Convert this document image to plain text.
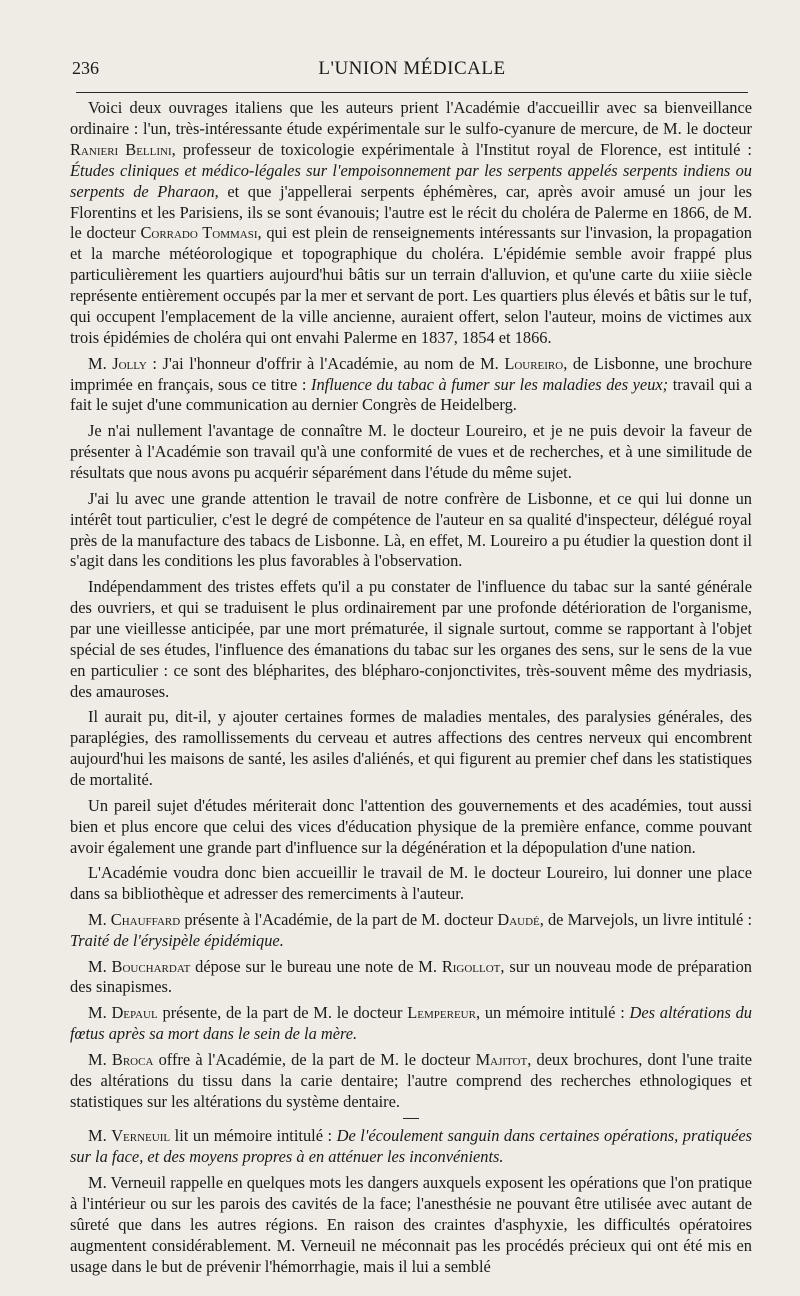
236	L'UNION MÉDICALE

Voici deux ouvrages italiens que les auteurs prient l'Académie d'accueillir avec sa bienveillance ordinaire : l'un, très-intéressante étude expérimentale sur le sulfo-cyanure de mercure, de M. le docteur Ranieri Bellini, professeur de toxicologie expérimentale à l'Institut royal de Florence, est intitulé : Études cliniques et médico-légales sur l'empoisonnement par les serpents appelés serpents indiens ou serpents de Pharaon, et que j'appellerai serpents éphémères, car, après avoir amusé un jour les Florentins et les Parisiens, ils se sont évanouis; l'autre est le récit du choléra de Palerme en 1866, de M. le docteur Corrado Tommasi, qui est plein de renseignements intéressants sur l'invasion, la propagation et la marche météorologique et topographique du choléra. L'épidémie semble avoir frappé plus particulièrement les quartiers aujourd'hui bâtis sur un terrain d'alluvion, et qu'une carte du xiiie siècle représente entièrement occupés par la mer et servant de port. Les quartiers plus élevés et bâtis sur le tuf, qui occupent l'emplacement de la ville ancienne, auraient offert, selon l'auteur, moins de victimes aux trois épidémies de choléra qui ont envahi Palerme en 1837, 1854 et 1866.

M. Jolly : J'ai l'honneur d'offrir à l'Académie, au nom de M. Loureiro, de Lisbonne, une brochure imprimée en français, sous ce titre : Influence du tabac à fumer sur les maladies des yeux; travail qui a fait le sujet d'une communication au dernier Congrès de Heidelberg.

Je n'ai nullement l'avantage de connaître M. le docteur Loureiro, et je ne puis devoir la faveur de présenter à l'Académie son travail qu'à une conformité de vues et de recherches, et à une similitude de résultats que nous avons pu acquérir séparément dans l'étude du même sujet.

J'ai lu avec une grande attention le travail de notre confrère de Lisbonne, et ce qui lui donne un intérêt tout particulier, c'est le degré de compétence de l'auteur en sa qualité d'inspecteur, délégué royal près de la manufacture des tabacs de Lisbonne. Là, en effet, M. Loureiro a pu étudier la question dont il s'agit dans les conditions les plus favorables à l'observation.

Indépendamment des tristes effets qu'il a pu constater de l'influence du tabac sur la santé générale des ouvriers, et qui se traduisent le plus ordinairement par une profonde détérioration de l'organisme, par une vieillesse anticipée, par une mort prématurée, il signale surtout, comme se rapportant à l'objet spécial de ses études, l'influence des émanations du tabac sur les organes des sens, sur le sens de la vue en particulier : ce sont des blépharites, des blépharo-conjonctivites, très-souvent même des mydriasis, des amauroses.

Il aurait pu, dit-il, y ajouter certaines formes de maladies mentales, des paralysies générales, des paraplégies, des ramollissements du cerveau et autres affections des centres nerveux qui encombrent aujourd'hui les maisons de santé, les asiles d'aliénés, et qui figurent au premier chef dans les statistiques de mortalité.

Un pareil sujet d'études mériterait donc l'attention des gouvernements et des académies, tout aussi bien et plus encore que celui des vices d'éducation physique de la première enfance, comme pouvant avoir également une grande part d'influence sur la dégénération et la dépopulation d'une nation.

L'Académie voudra donc bien accueillir le travail de M. le docteur Loureiro, lui donner une place dans sa bibliothèque et adresser des remerciments à l'auteur.

M. Chauffard présente à l'Académie, de la part de M. docteur Daudé, de Marvejols, un livre intitulé : Traité de l'érysipèle épidémique.

M. Bouchardat dépose sur le bureau une note de M. Rigollot, sur un nouveau mode de préparation des sinapismes.

M. Depaul présente, de la part de M. le docteur Lempereur, un mémoire intitulé : Des altérations du fœtus après sa mort dans le sein de la mère.

M. Broca offre à l'Académie, de la part de M. le docteur Majitot, deux brochures, dont l'une traite des altérations du tissu dans la carie dentaire; l'autre comprend des recherches ethnologiques et statistiques sur les altérations du système dentaire.

M. Verneuil lit un mémoire intitulé : De l'écoulement sanguin dans certaines opérations, pratiquées sur la face, et des moyens propres à en atténuer les inconvénients.

M. Verneuil rappelle en quelques mots les dangers auxquels exposent les opérations que l'on pratique à l'intérieur ou sur les parois des cavités de la face; l'anesthésie ne pouvant être utilisée avec autant de sûreté que dans les autres régions. En raison des craintes d'asphyxie, les difficultés opératoires augmentent considérablement. M. Verneuil ne méconnait pas les procédés précieux qui ont été mis en usage dans le but de prévenir l'hémorrhagie, mais il lui a semblé
